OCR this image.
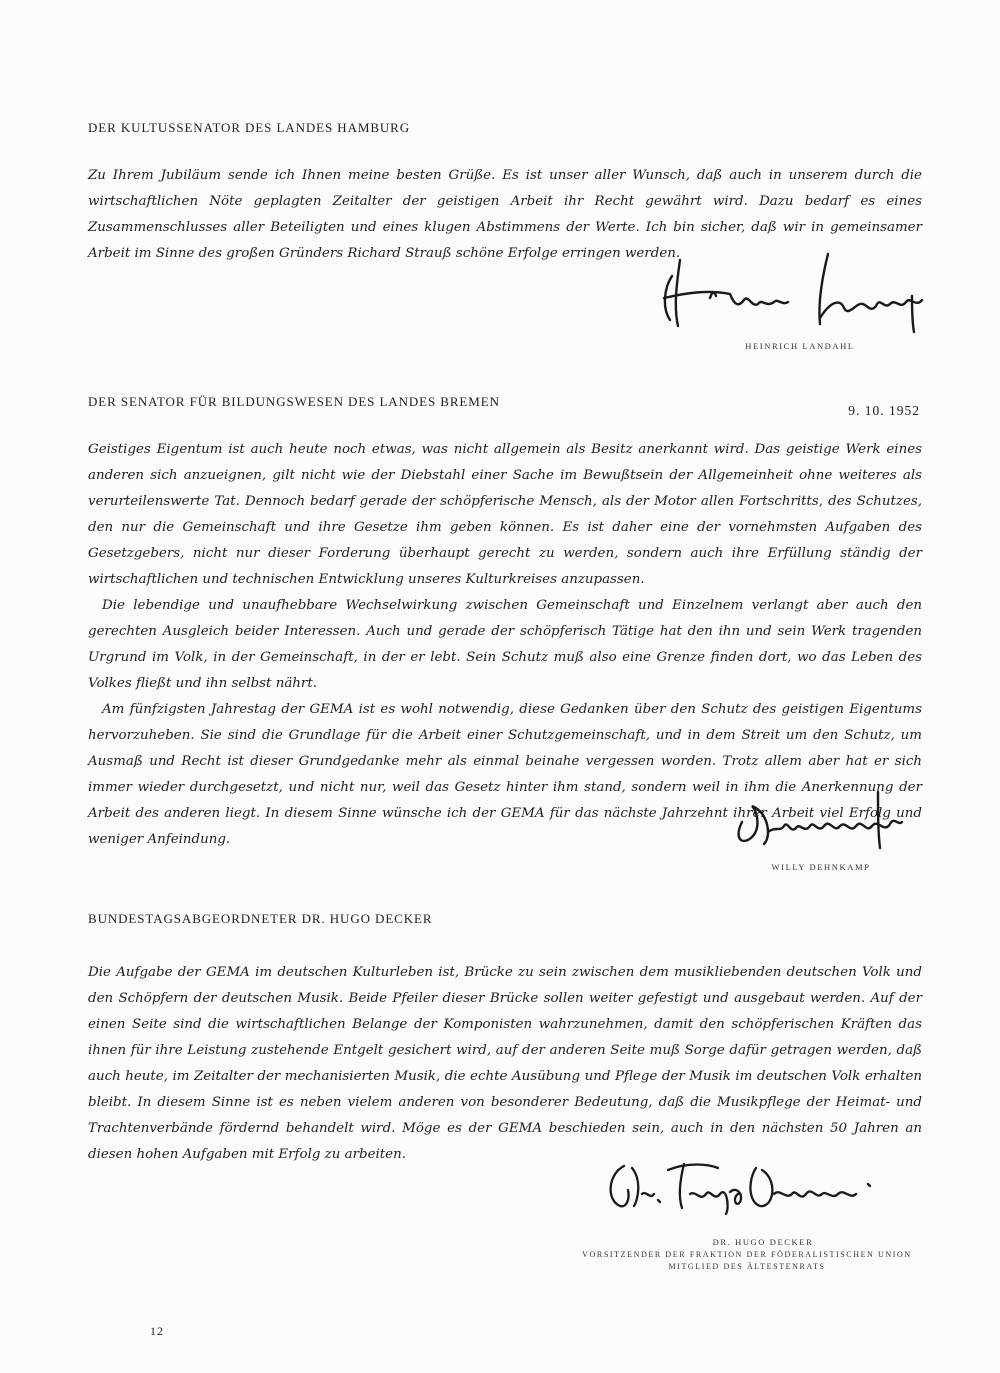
DER KULTUSSENATOR DES LANDES HAMBURG

Zu Ihrem Jubiläum sende ich Ihnen meine besten Grüße. Es ist unser aller Wunsch, daß auch in unserem durch die wirtschaftlichen Nöte geplagten Zeitalter der geistigen Arbeit ihr Recht gewährt wird. Dazu bedarf es eines Zusammenschlusses aller Beteiligten und eines klugen Abstimmens der Werte. Ich bin sicher, daß wir in gemeinsamer Arbeit im Sinne des großen Gründers Richard Strauß schöne Erfolge erringen werden.

HEINRICH LANDAHL
DER SENATOR FÜR BILDUNGSWESEN DES LANDES BREMEN
9. 10. 1952

Geistiges Eigentum ist auch heute noch etwas, was nicht allgemein als Besitz anerkannt wird. Das geistige Werk eines anderen sich anzueignen, gilt nicht wie der Diebstahl einer Sache im Bewußtsein der Allgemeinheit ohne weiteres als verurteilenswerte Tat. Dennoch bedarf gerade der schöpferische Mensch, als der Motor allen Fortschritts, des Schutzes, den nur die Gemeinschaft und ihre Gesetze ihm geben können. Es ist daher eine der vornehmsten Aufgaben des Gesetzgebers, nicht nur dieser Forderung überhaupt gerecht zu werden, sondern auch ihre Erfüllung ständig der wirtschaftlichen und technischen Entwicklung unseres Kulturkreises anzupassen.

Die lebendige und unaufhebbare Wechselwirkung zwischen Gemeinschaft und Einzelnem verlangt aber auch den gerechten Ausgleich beider Interessen. Auch und gerade der schöpferisch Tätige hat den ihn und sein Werk tragenden Urgrund im Volk, in der Gemeinschaft, in der er lebt. Sein Schutz muß also eine Grenze finden dort, wo das Leben des Volkes fließt und ihn selbst nährt.

Am fünfzigsten Jahrestag der GEMA ist es wohl notwendig, diese Gedanken über den Schutz des geistigen Eigentums hervorzuheben. Sie sind die Grundlage für die Arbeit einer Schutzgemeinschaft, und in dem Streit um den Schutz, um Ausmaß und Recht ist dieser Grundgedanke mehr als einmal beinahe vergessen worden. Trotz allem aber hat er sich immer wieder durchgesetzt, und nicht nur, weil das Gesetz hinter ihm stand, sondern weil in ihm die Anerkennung der Arbeit des anderen liegt. In diesem Sinne wünsche ich der GEMA für das nächste Jahrzehnt ihrer Arbeit viel Erfolg und weniger Anfeindung.

WILLY DEHNKAMP
BUNDESTAGSABGEORDNETER DR. HUGO DECKER

Die Aufgabe der GEMA im deutschen Kulturleben ist, Brücke zu sein zwischen dem musikliebenden deutschen Volk und den Schöpfern der deutschen Musik. Beide Pfeiler dieser Brücke sollen weiter gefestigt und ausgebaut werden. Auf der einen Seite sind die wirtschaftlichen Belange der Komponisten wahrzunehmen, damit den schöpferischen Kräften das ihnen für ihre Leistung zustehende Entgelt gesichert wird, auf der anderen Seite muß Sorge dafür getragen werden, daß auch heute, im Zeitalter der mechanisierten Musik, die echte Ausübung und Pflege der Musik im deutschen Volk erhalten bleibt. In diesem Sinne ist es neben vielem anderen von besonderer Bedeutung, daß die Musikpflege der Heimat- und Trachtenverbände fördernd behandelt wird. Möge es der GEMA beschieden sein, auch in den nächsten 50 Jahren an diesen hohen Aufgaben mit Erfolg zu arbeiten.

DR. HUGO DECKER
VORSITZENDER DER FRAKTION DER FÖDERALISTISCHEN UNION
MITGLIED DES ÄLTESTENRATS
12
